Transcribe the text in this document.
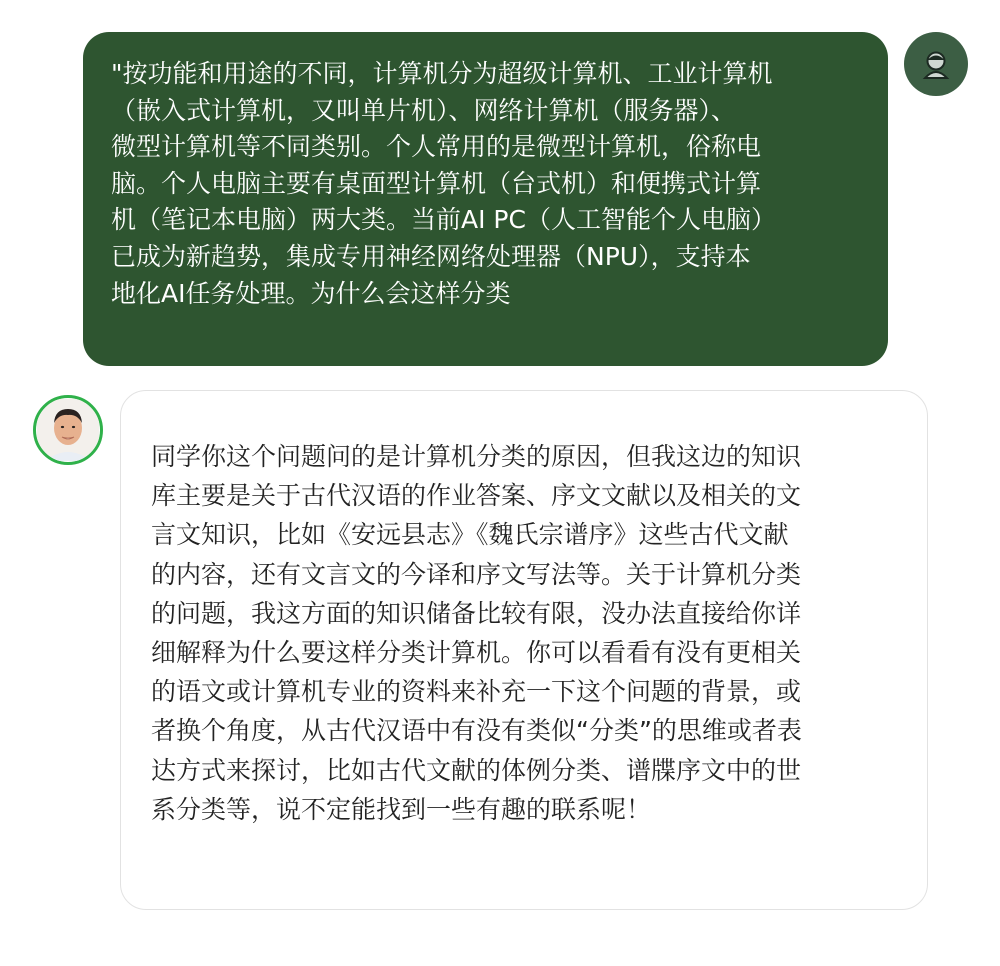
"按功能和用途的不同，计算机分为超级计算机、工业计算机
（嵌入式计算机，又叫单片机）、网络计算机（服务器）、
微型计算机等不同类别。个人常用的是微型计算机，俗称电
脑。个人电脑主要有桌面型计算机（台式机）和便携式计算
机（笔记本电脑）两大类。当前AI PC（人工智能个人电脑）
已成为新趋势，集成专用神经网络处理器（NPU），支持本
地化AI任务处理。为什么会这样分类
同学你这个问题问的是计算机分类的原因，但我这边的知识
库主要是关于古代汉语的作业答案、序文文献以及相关的文
言文知识，比如《安远县志》《魏氏宗谱序》这些古代文献
的内容，还有文言文的今译和序文写法等。关于计算机分类
的问题，我这方面的知识储备比较有限，没办法直接给你详
细解释为什么要这样分类计算机。你可以看看有没有更相关
的语文或计算机专业的资料来补充一下这个问题的背景，或
者换个角度，从古代汉语中有没有类似“分类”的思维或者表
达方式来探讨，比如古代文献的体例分类、谱牒序文中的世
系分类等，说不定能找到一些有趣的联系呢！
